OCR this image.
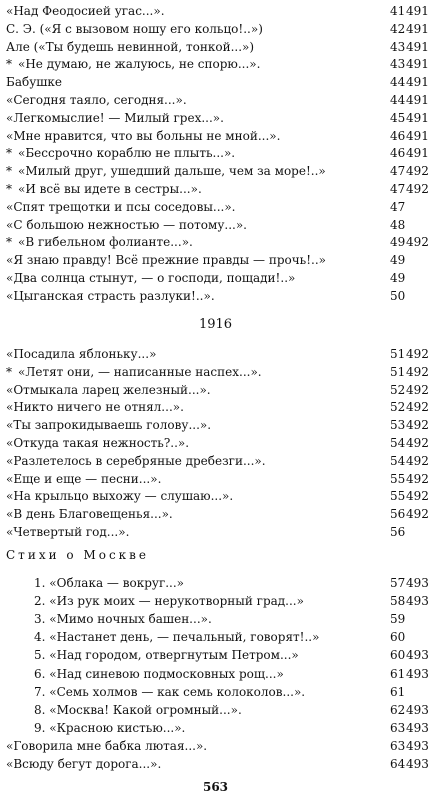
«Над Феодосией угас...».	41 491
С. Э. («Я с вызовом ношу его кольцо!..»)	42 491
Але («Ты будешь невинной, тонкой...»)	43 491
* «Не думаю, не жалуюсь, не спорю...».	43 491
Бабушке	44 491
«Сегодня таяло, сегодня...».	44 491
«Легкомыслие! — Милый грех...».	45 491
«Мне нравится, что вы больны не мной...».	46 491
* «Бессрочно кораблю не плыть...».	46 491
* «Милый друг, ушедший дальше, чем за море!..»	47 492
* «И всё вы идете в сестры...».	47 492
«Спят трещотки и псы соседовы...».	47
«С большою нежностью — потому...».	48
* «В гибельном фолианте...».	49 492
«Я знаю правду! Всё прежние правды — прочь!..»	49
«Два солнца стынут, — о господи, пощади!..»	49
«Цыганская страсть разлуки!..».	50
1916
«Посадила яблоньку...»	51 492
* «Летят они, — написанные наспех...».	51 492
«Отмыкала ларец железный...».	52 492
«Никто ничего не отнял...».	52 492
«Ты запрокидываешь голову...».	53 492
«Откуда такая нежность?..».	54 492
«Разлетелось в серебряные дребезги...».	54 492
«Еще и еще — песни...».	55 492
«На крыльцо выхожу — слушаю...».	55 492
«В день Благовещенья...».	56 492
«Четвертый год...».	56
Стихи о Москве
1. «Облака — вокруг...»	57 493
2. «Из рук моих — нерукотворный град...»	58 493
3. «Мимо ночных башен...».	59
4. «Настанет день, — печальный, говорят!..»	60
5. «Над городом, отвергнутым Петром...»	60 493
6. «Над синевою подмосковных рощ...»	61 493
7. «Семь холмов — как семь колоколов...».	61
8. «Москва! Какой огромный...».	62 493
9. «Красною кистью...».	63 493
«Говорила мне бабка лютая...».	63 493
«Всюду бегут дорога...».	64 493
563
